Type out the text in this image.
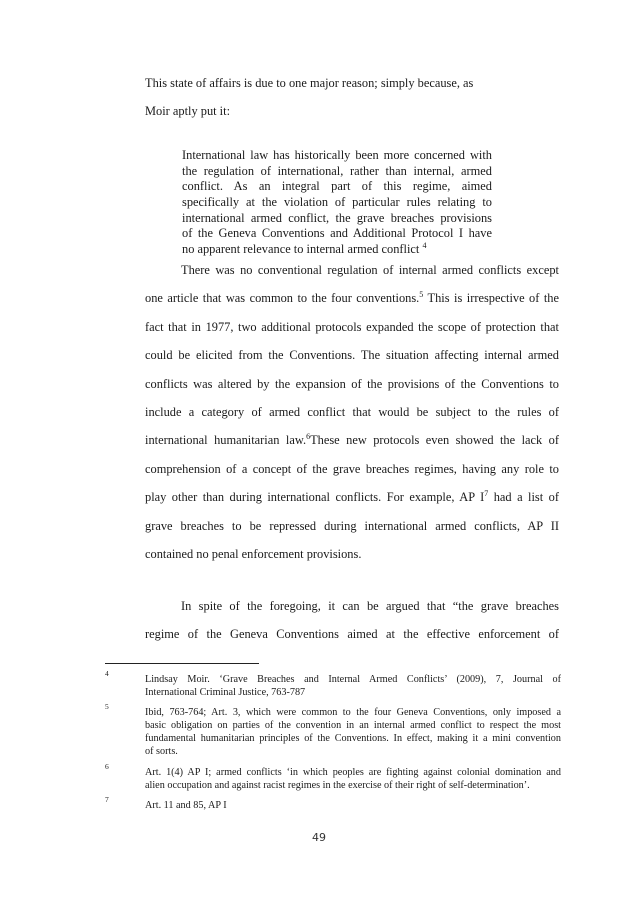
This state of affairs is due to one major reason; simply because, as
Moir aptly put it:
International law has historically been more concerned with
the regulation of international, rather than internal, armed
conflict. As an integral part of this regime, aimed
specifically at the violation of particular rules relating to
international armed conflict, the grave breaches provisions
of the Geneva Conventions and Additional Protocol I have
no apparent relevance to internal armed conflict $^4$
There was no conventional regulation of internal armed conflicts except
one article that was common to the four conventions.$^5$ This is irrespective of the
fact that in 1977, two additional protocols expanded the scope of protection that
could be elicited from the Conventions. The situation affecting internal armed
conflicts was altered by the expansion of the provisions of the Conventions to
include a category of armed conflict that would be subject to the rules of
international humanitarian law.$^6$These new protocols even showed the lack of
comprehension of a concept of the grave breaches regimes, having any role to
play other than during international conflicts. For example, AP $I^7$ had a list of
grave breaches to be repressed during international armed conflicts, AP II
contained no penal enforcement provisions.
In spite of the foregoing, it can be argued that “the grave breaches
regime of the Geneva Conventions aimed at the effective enforcement of
4
Lindsay Moir. ‘Grave Breaches and Internal Armed Conflicts’ (2009), 7, Journal of
International Criminal Justice, 763-787
5
Ibid, 763-764; Art. 3, which were common to the four Geneva Conventions, only imposed a
basic obligation on parties of the convention in an internal armed conflict to respect the most
fundamental humanitarian principles of the Conventions. In effect, making it a mini convention
of sorts.
6
Art. 1(4) AP I; armed conflicts ‘in which peoples are fighting against colonial domination and
alien occupation and against racist regimes in the exercise of their right of self-determination’.
7
Art. 11 and 85, AP I
49
